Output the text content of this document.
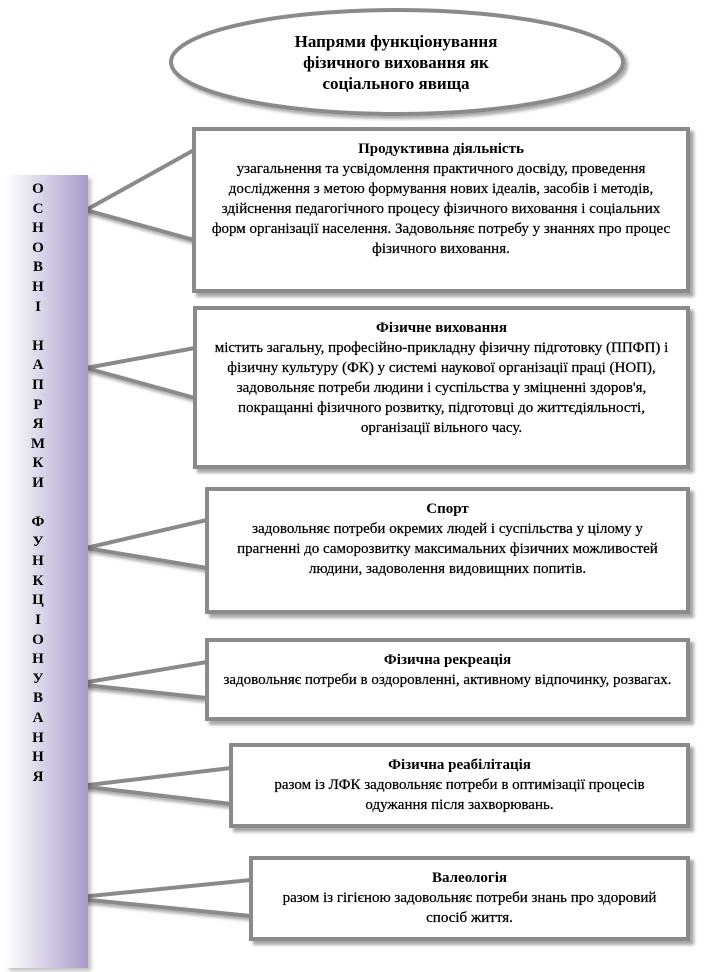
Напрями функціонування
фізичного виховання як
соціального явища
О
С
Н
О
В
Н
І

Н
А
П
Р
Я
М
К
И

Ф
У
Н
К
Ц
І
О
Н
У
В
А
Н
Н
Я
Продуктивна діяльність
узагальнення та усвідомлення практичного досвіду, проведення дослідження з метою формування нових ідеалів, засобів і методів, здійснення педагогічного процесу фізичного виховання і соціальних форм організації населення. Задовольняє потребу у знаннях про процес фізичного виховання.
Фізичне виховання
містить загальну, професійно-прикладну фізичну підготовку (ППФП) і фізичну культуру (ФК) у системі наукової організації праці (НОП), задовольняє потреби людини і суспільства у зміцненні здоров'я, покращанні фізичного розвитку, підготовці до життєдіяльності, організації вільного часу.
Спорт
задовольняє потреби окремих людей і суспільства у цілому у прагненні до саморозвитку максимальних фізичних можливостей людини, задоволення видовищних попитів.
Фізична рекреація
задовольняє потреби в оздоровленні, активному відпочинку, розвагах.
Фізична реабілітація
разом із ЛФК задовольняє потреби в оптимізації процесів одужання після захворювань.
Валеологія
разом із гігієною задовольняє потреби знань про здоровий спосіб життя.
